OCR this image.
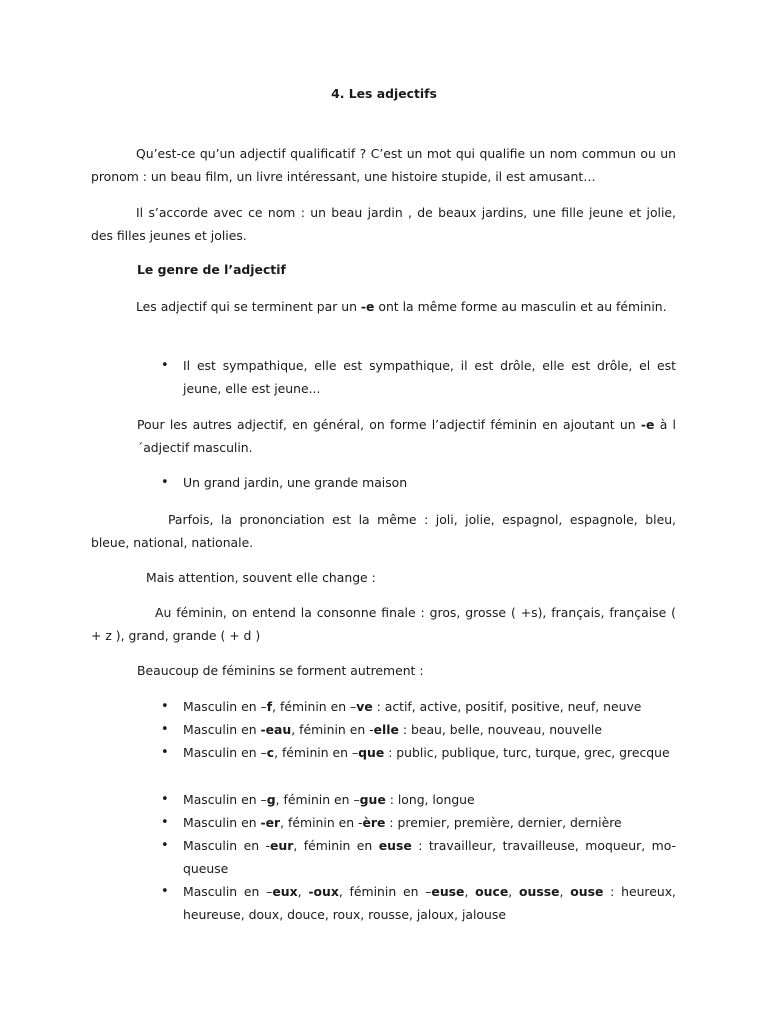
4. Les adjectifs

Qu’est-ce qu’un adjectif qualificatif ? C’est un mot qui qualifie un nom commun ou un pronom : un beau film, un livre intéressant, une histoire stupide, il est amusant…

Il s’accorde avec ce nom : un beau jardin , de beaux jardins, une fille jeune et jolie, des filles jeunes et jolies.

Le genre de l’adjectif

Les adjectif qui se terminent par un -e ont la même forme au masculin et au féminin.

• Il est sympathique, elle est sympathique, il est drôle, elle est drôle, el est jeune, elle est jeune...

Pour les autres adjectif, en général, on forme l’adjectif féminin en ajoutant un -e à l´adjectif masculin.

• Un grand jardin, une grande maison

Parfois, la prononciation est la même : joli, jolie, espagnol, espagnole, bleu, bleue, national, nationale.

Mais attention, souvent elle change :

Au féminin, on entend la consonne finale : gros, grosse ( +s), français, française ( + z ), grand, grande ( + d )

Beaucoup de féminins se forment autrement :

• Masculin en –f, féminin en –ve : actif, active, positif, positive, neuf, neuve

• Masculin en -eau, féminin en -elle : beau, belle, nouveau, nouvelle

• Masculin en –c, féminin en –que : public, publique, turc, turque, grec, grecque

• Masculin en –g, féminin en –gue : long, longue

• Masculin en -er, féminin en -ère : premier, première, dernier, dernière

• Masculin en -eur, féminin en euse : travailleur, travailleuse, moqueur, mo-queuse

• Masculin en –eux, -oux, féminin en –euse, ouce, ousse, ouse : heureux, heureuse, doux, douce, roux, rousse, jaloux, jalouse
